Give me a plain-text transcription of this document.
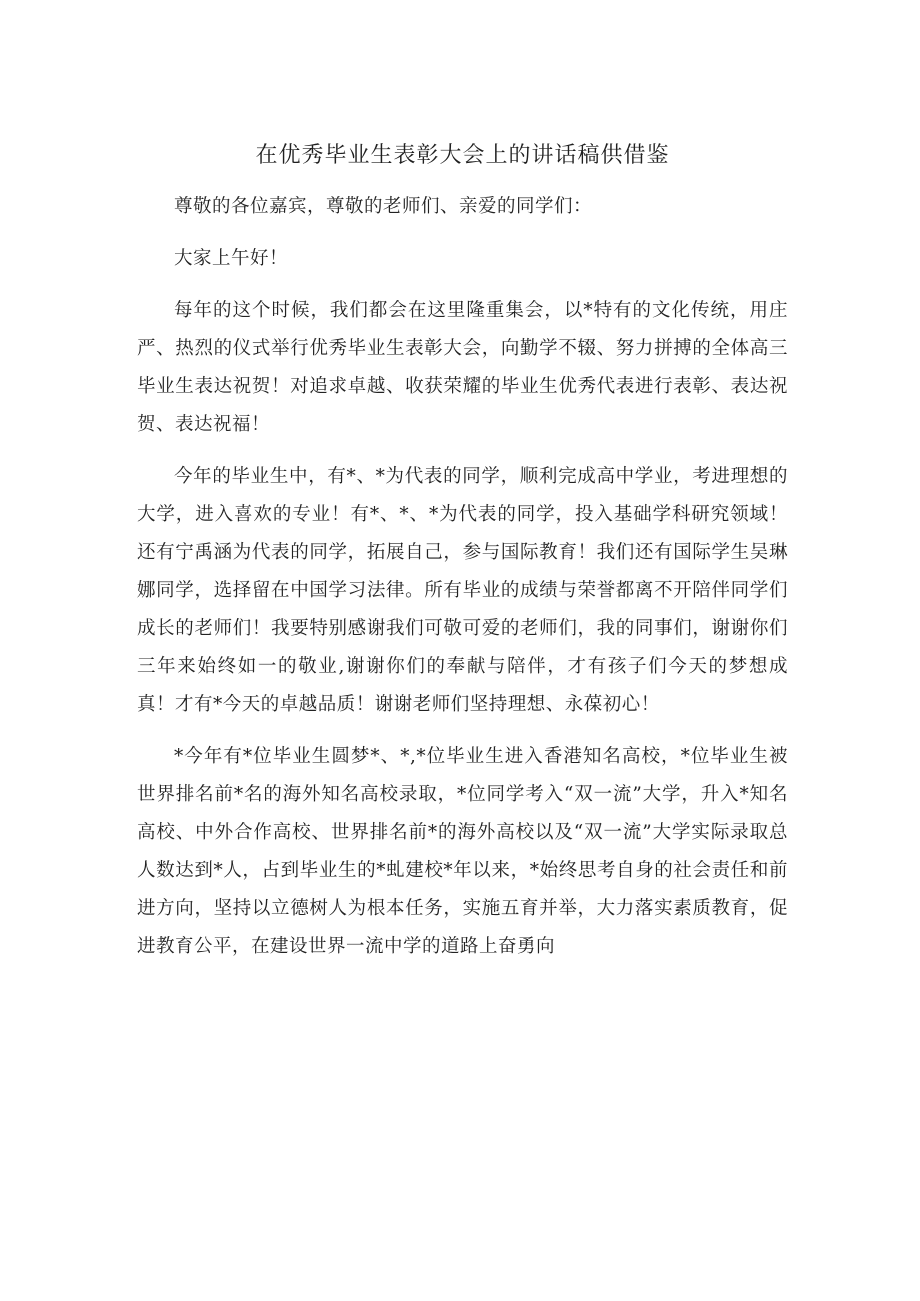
在优秀毕业生表彰大会上的讲话稿供借鉴

尊敬的各位嘉宾，尊敬的老师们、亲爱的同学们：

大家上午好！

每年的这个时候，我们都会在这里隆重集会，以*特有的文化传统，用庄严、热烈的仪式举行优秀毕业生表彰大会，向勤学不辍、努力拼搏的全体高三毕业生表达祝贺！对追求卓越、收获荣耀的毕业生优秀代表进行表彰、表达祝贺、表达祝福！

今年的毕业生中，有*、*为代表的同学，顺利完成高中学业，考进理想的大学，进入喜欢的专业！有*、*、*为代表的同学，投入基础学科研究领域！还有宁禹涵为代表的同学，拓展自己，参与国际教育！我们还有国际学生吴琳娜同学，选择留在中国学习法律。所有毕业的成绩与荣誉都离不开陪伴同学们成长的老师们！我要特别感谢我们可敬可爱的老师们，我的同事们，谢谢你们三年来始终如一的敬业,谢谢你们的奉献与陪伴，才有孩子们今天的梦想成真！才有*今天的卓越品质！谢谢老师们坚持理想、永葆初心！

*今年有*位毕业生圆梦*、*,*位毕业生进入香港知名高校，*位毕业生被世界排名前*名的海外知名高校录取，*位同学考入“双一流”大学，升入*知名高校、中外合作高校、世界排名前*的海外高校以及“双一流”大学实际录取总人数达到*人，占到毕业生的*虬建校*年以来，*始终思考自身的社会责任和前进方向，坚持以立德树人为根本任务，实施五育并举，大力落实素质教育，促进教育公平，在建设世界一流中学的道路上奋勇向
